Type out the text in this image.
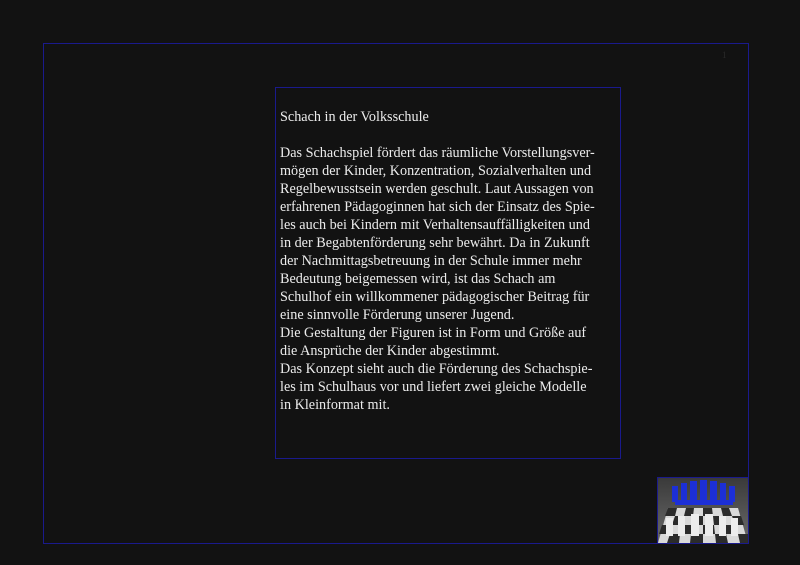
1
Schach in der Volksschule
Das Schachspiel fördert das räumliche Vorstellungsver-
mögen der Kinder, Konzentration, Sozialverhalten und
Regelbewusstsein werden geschult. Laut Aussagen von
erfahrenen Pädagoginnen hat sich der Einsatz des Spie-
les auch bei Kindern mit Verhaltensauffälligkeiten und
in der Begabtenförderung sehr bewährt. Da in Zukunft
der Nachmittagsbetreuung in der Schule immer mehr
Bedeutung beigemessen wird, ist das Schach am
Schulhof ein willkommener pädagogischer Beitrag für
eine sinnvolle Förderung unserer Jugend.
Die Gestaltung der Figuren ist in Form und Größe auf
die Ansprüche der Kinder abgestimmt.
Das Konzept sieht auch die Förderung des Schachspie-
les im Schulhaus vor und liefert zwei gleiche Modelle
in Kleinformat mit.
